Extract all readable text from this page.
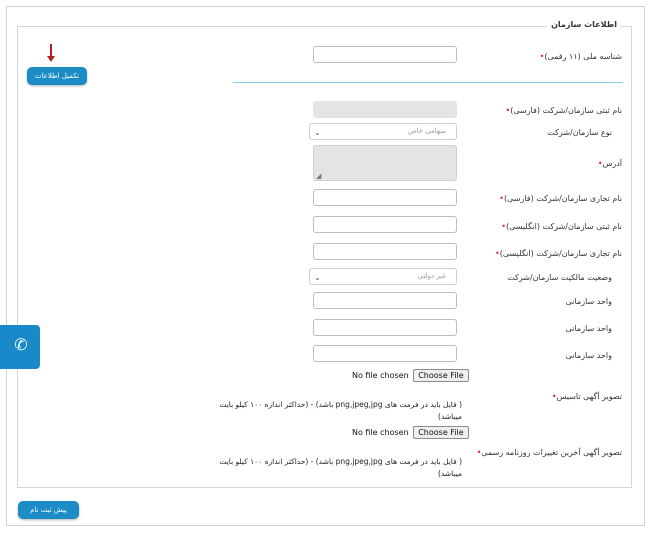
اطلاعات سازمان
شناسه ملی (۱۱ رقمی)•
تکمیل اطلاعات
نام ثبتی سازمان/شرکت (فارسی)•
نوع سازمان/شرکت
سهامی خاص
⌄
آدرس•
◢
نام تجاری سازمان/شرکت (فارسی)•
نام ثبتی سازمان/شرکت (انگلیسی)•
نام تجاری سازمان/شرکت (انگلیسی)•
وضعیت مالکیت سازمان/شرکت
غیر دولتی
⌄
واحد سازمانی
واحد سازمانی
واحد سازمانی
No file chosen Choose File
تصویر آگهی تاسیس•
( فایل باید در فرمت های png,jpeg,jpg باشد) - (حداکثر اندازه ۱۰۰ کیلو بایت میباشد)
No file chosen Choose File
تصویر آگهی آخرین تغییرات روزنامه رسمی•
( فایل باید در فرمت های png,jpeg,jpg باشد) - (حداکثر اندازه ۱۰۰ کیلو بایت میباشد)
پیش ثبت نام
✆
